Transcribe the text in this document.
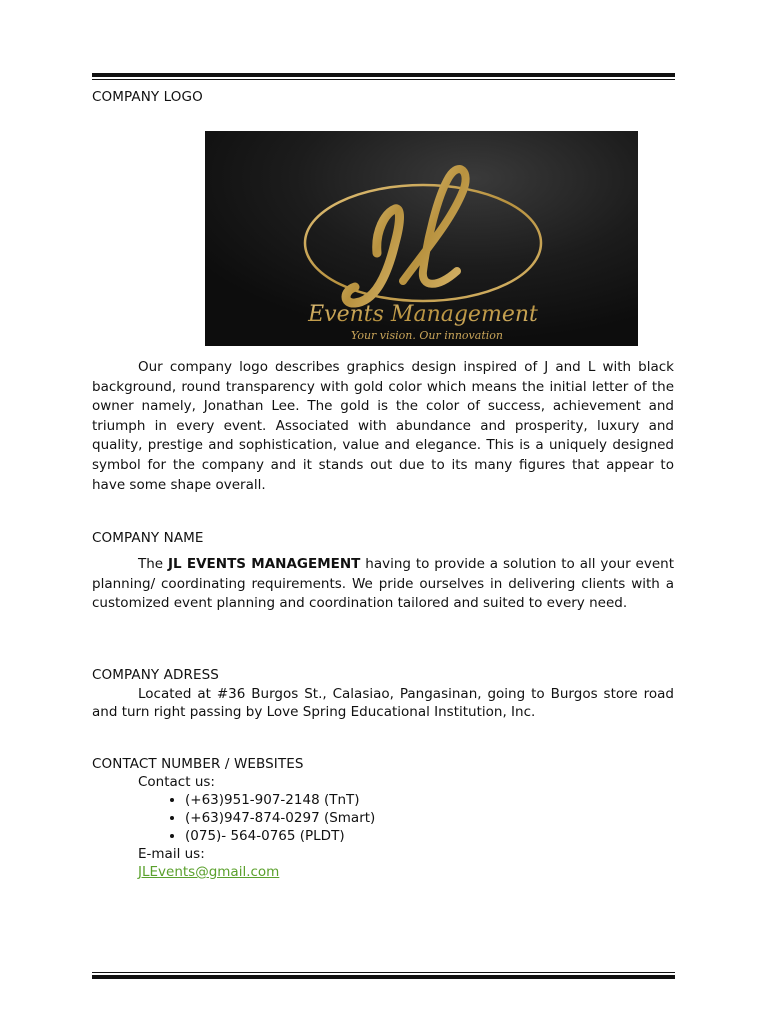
COMPANY LOGO
Events Management
Your vision. Our innovation

Our company logo describes graphics design inspired of J and L with black background, round transparency with gold color which means the initial letter of the owner namely, Jonathan Lee. The gold is the color of success, achievement and triumph in every event. Associated with abundance and prosperity, luxury and quality, prestige and sophistication, value and elegance. This is a uniquely designed symbol for the company and it stands out due to its many figures that appear to have some shape overall.

COMPANY NAME

The JL EVENTS MANAGEMENT having to provide a solution to all your event planning/ coordinating requirements. We pride ourselves in delivering clients with a customized event planning and coordination tailored and suited to every need.

COMPANY ADRESS

Located at #36 Burgos St., Calasiao, Pangasinan, going to Burgos store road and turn right passing by Love Spring Educational Institution, Inc.

CONTACT NUMBER / WEBSITES
Contact us:
• (+63)951-907-2148 (TnT)
• (+63)947-874-0297 (Smart)
• (075)- 564-0765 (PLDT)
E-mail us:
JLEvents@gmail.com
